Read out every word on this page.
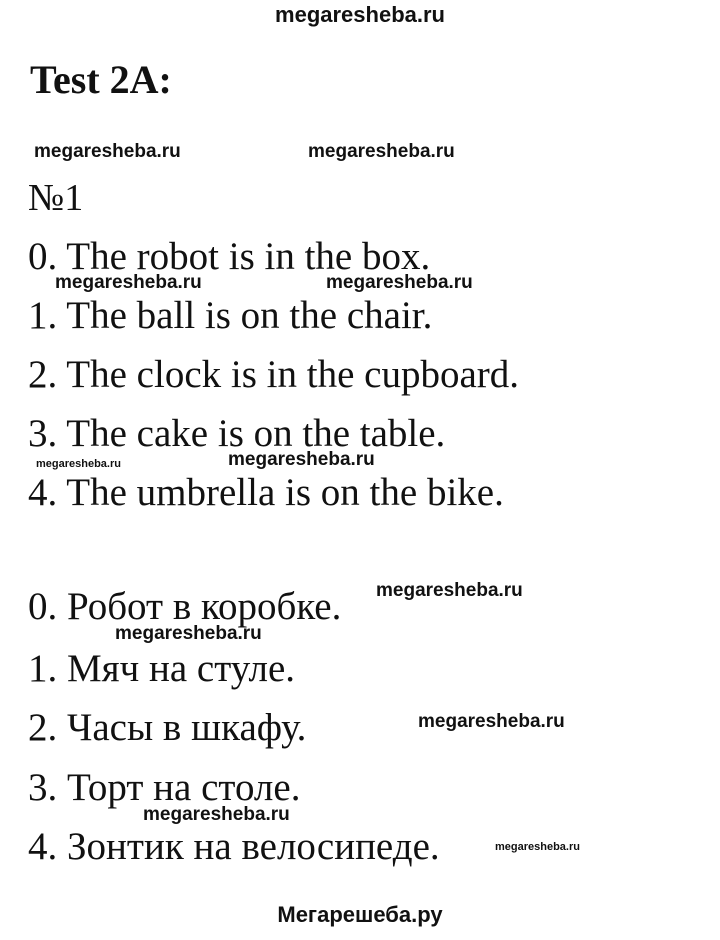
megaresheba.ru
Test 2A:
megaresheba.ru	megaresheba.ru
№1
0. The robot is in the box.
megaresheba.ru	megaresheba.ru
1. The ball is on the chair.
2. The clock is in the cupboard.
3. The cake is on the table.
megaresheba.ru	megaresheba.ru
4. The umbrella is on the bike.
megaresheba.ru
0. Робот в коробке.
megaresheba.ru
1. Мяч на стуле.
megaresheba.ru
2. Часы в шкафу.
3. Торт на столе.
megaresheba.ru
4. Зонтик на велосипеде.	megaresheba.ru
Мегарешеба.ру
